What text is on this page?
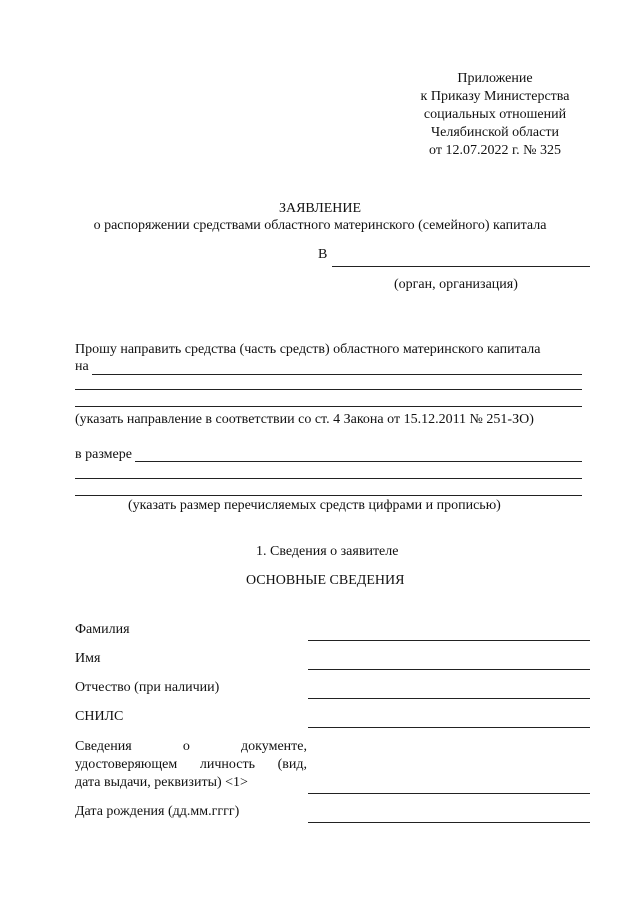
Приложение
к Приказу Министерства
социальных отношений
Челябинской области
от 12.07.2022 г. № 325
ЗАЯВЛЕНИЕ
о распоряжении средствами областного материнского (семейного) капитала
В
(орган, организация)
Прошу направить средства (часть средств) областного материнского капитала
на
(указать направление в соответствии со ст. 4 Закона от 15.12.2011 № 251-ЗО)
в размере
(указать размер перечисляемых средств цифрами и прописью)
1. Сведения о заявителе
ОСНОВНЫЕ СВЕДЕНИЯ
Фамилия
Имя
Отчество (при наличии)
СНИЛС
Сведения о документе,
удостоверяющем личность (вид,
дата выдачи, реквизиты) <1>
Дата рождения (дд.мм.гггг)
